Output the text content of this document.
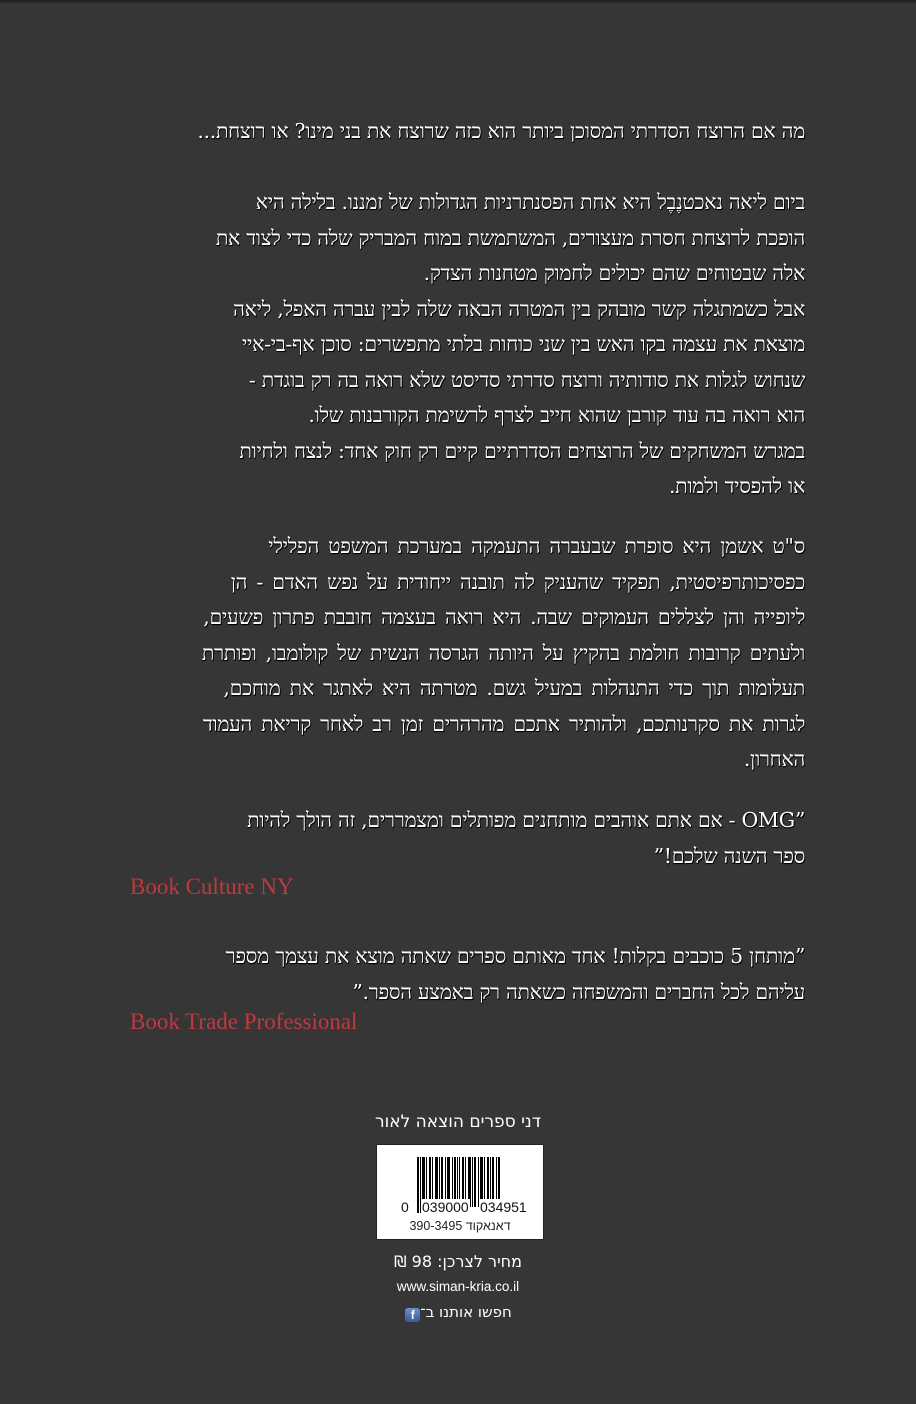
מה אם הרוצח הסדרתי המסוכן ביותר הוא כזה שרוצח את בני מינו? או רוצחת...
ביום ליאה נאכטנֶבֶל היא אחת הפסנתרניות הגדולות של זמננו. בלילה היא
הופכת לרוצחת חסרת מעצורים, המשתמשת במוח המבריק שלה כדי לצוד את
אלה שבטוחים שהם יכולים לחמוק מטחנות הצדק.
אבל כשמתגלה קשר מובהק בין המטרה הבאה שלה לבין עברה האפל, ליאה
מוצאת את עצמה בקו האש בין שני כוחות בלתי מתפשרים: סוכן אף-בי-איי
שנחוש לגלות את סודותיה ורוצח סדרתי סדיסט שלא רואה בה רק בוגדת -
הוא רואה בה עוד קורבן שהוא חייב לצרף לרשימת הקורבנות שלו.
במגרש המשחקים של הרוצחים הסדרתיים קיים רק חוק אחד: לנצח ולחיות
או להפסיד ולמות.
ס"ט אשמן היא סופרת שבעברה התעמקה במערכת המשפט הפלילי
כפסיכותרפיסטית, תפקיד שהעניק לה תובנה ייחודית על נפש האדם - הן
ליופייה והן לצללים העמוקים שבה. היא רואה בעצמה חובבת פתרון פשעים,
ולעתים קרובות חולמת בהקיץ על היותה הגרסה הנשית של קולומבו, ופותרת
תעלומות תוך כדי התנהלות במעיל גשם. מטרתה היא לאתגר את מוחכם,
לגרות את סקרנותכם, ולהותיר אתכם מהרהרים זמן רב לאחר קריאת העמוד
האחרון.
”OMG - אם אתם אוהבים מותחנים מפותלים ומצמררים, זה הולך להיות
ספר השנה שלכם!”
Book Culture NY
”מותחן 5 כוכבים בקלות! אחד מאותם ספרים שאתה מוצא את עצמך מספר
עליהם לכל החברים והמשפחה כשאתה רק באמצע הספר.”
Book Trade Professional
דני ספרים הוצאה לאור
0 039000 034951
דאנאקוד 390-3495
מחיר לצרכן: 98 ₪
www.siman-kria.co.il
חפשו אותנו ב־f
